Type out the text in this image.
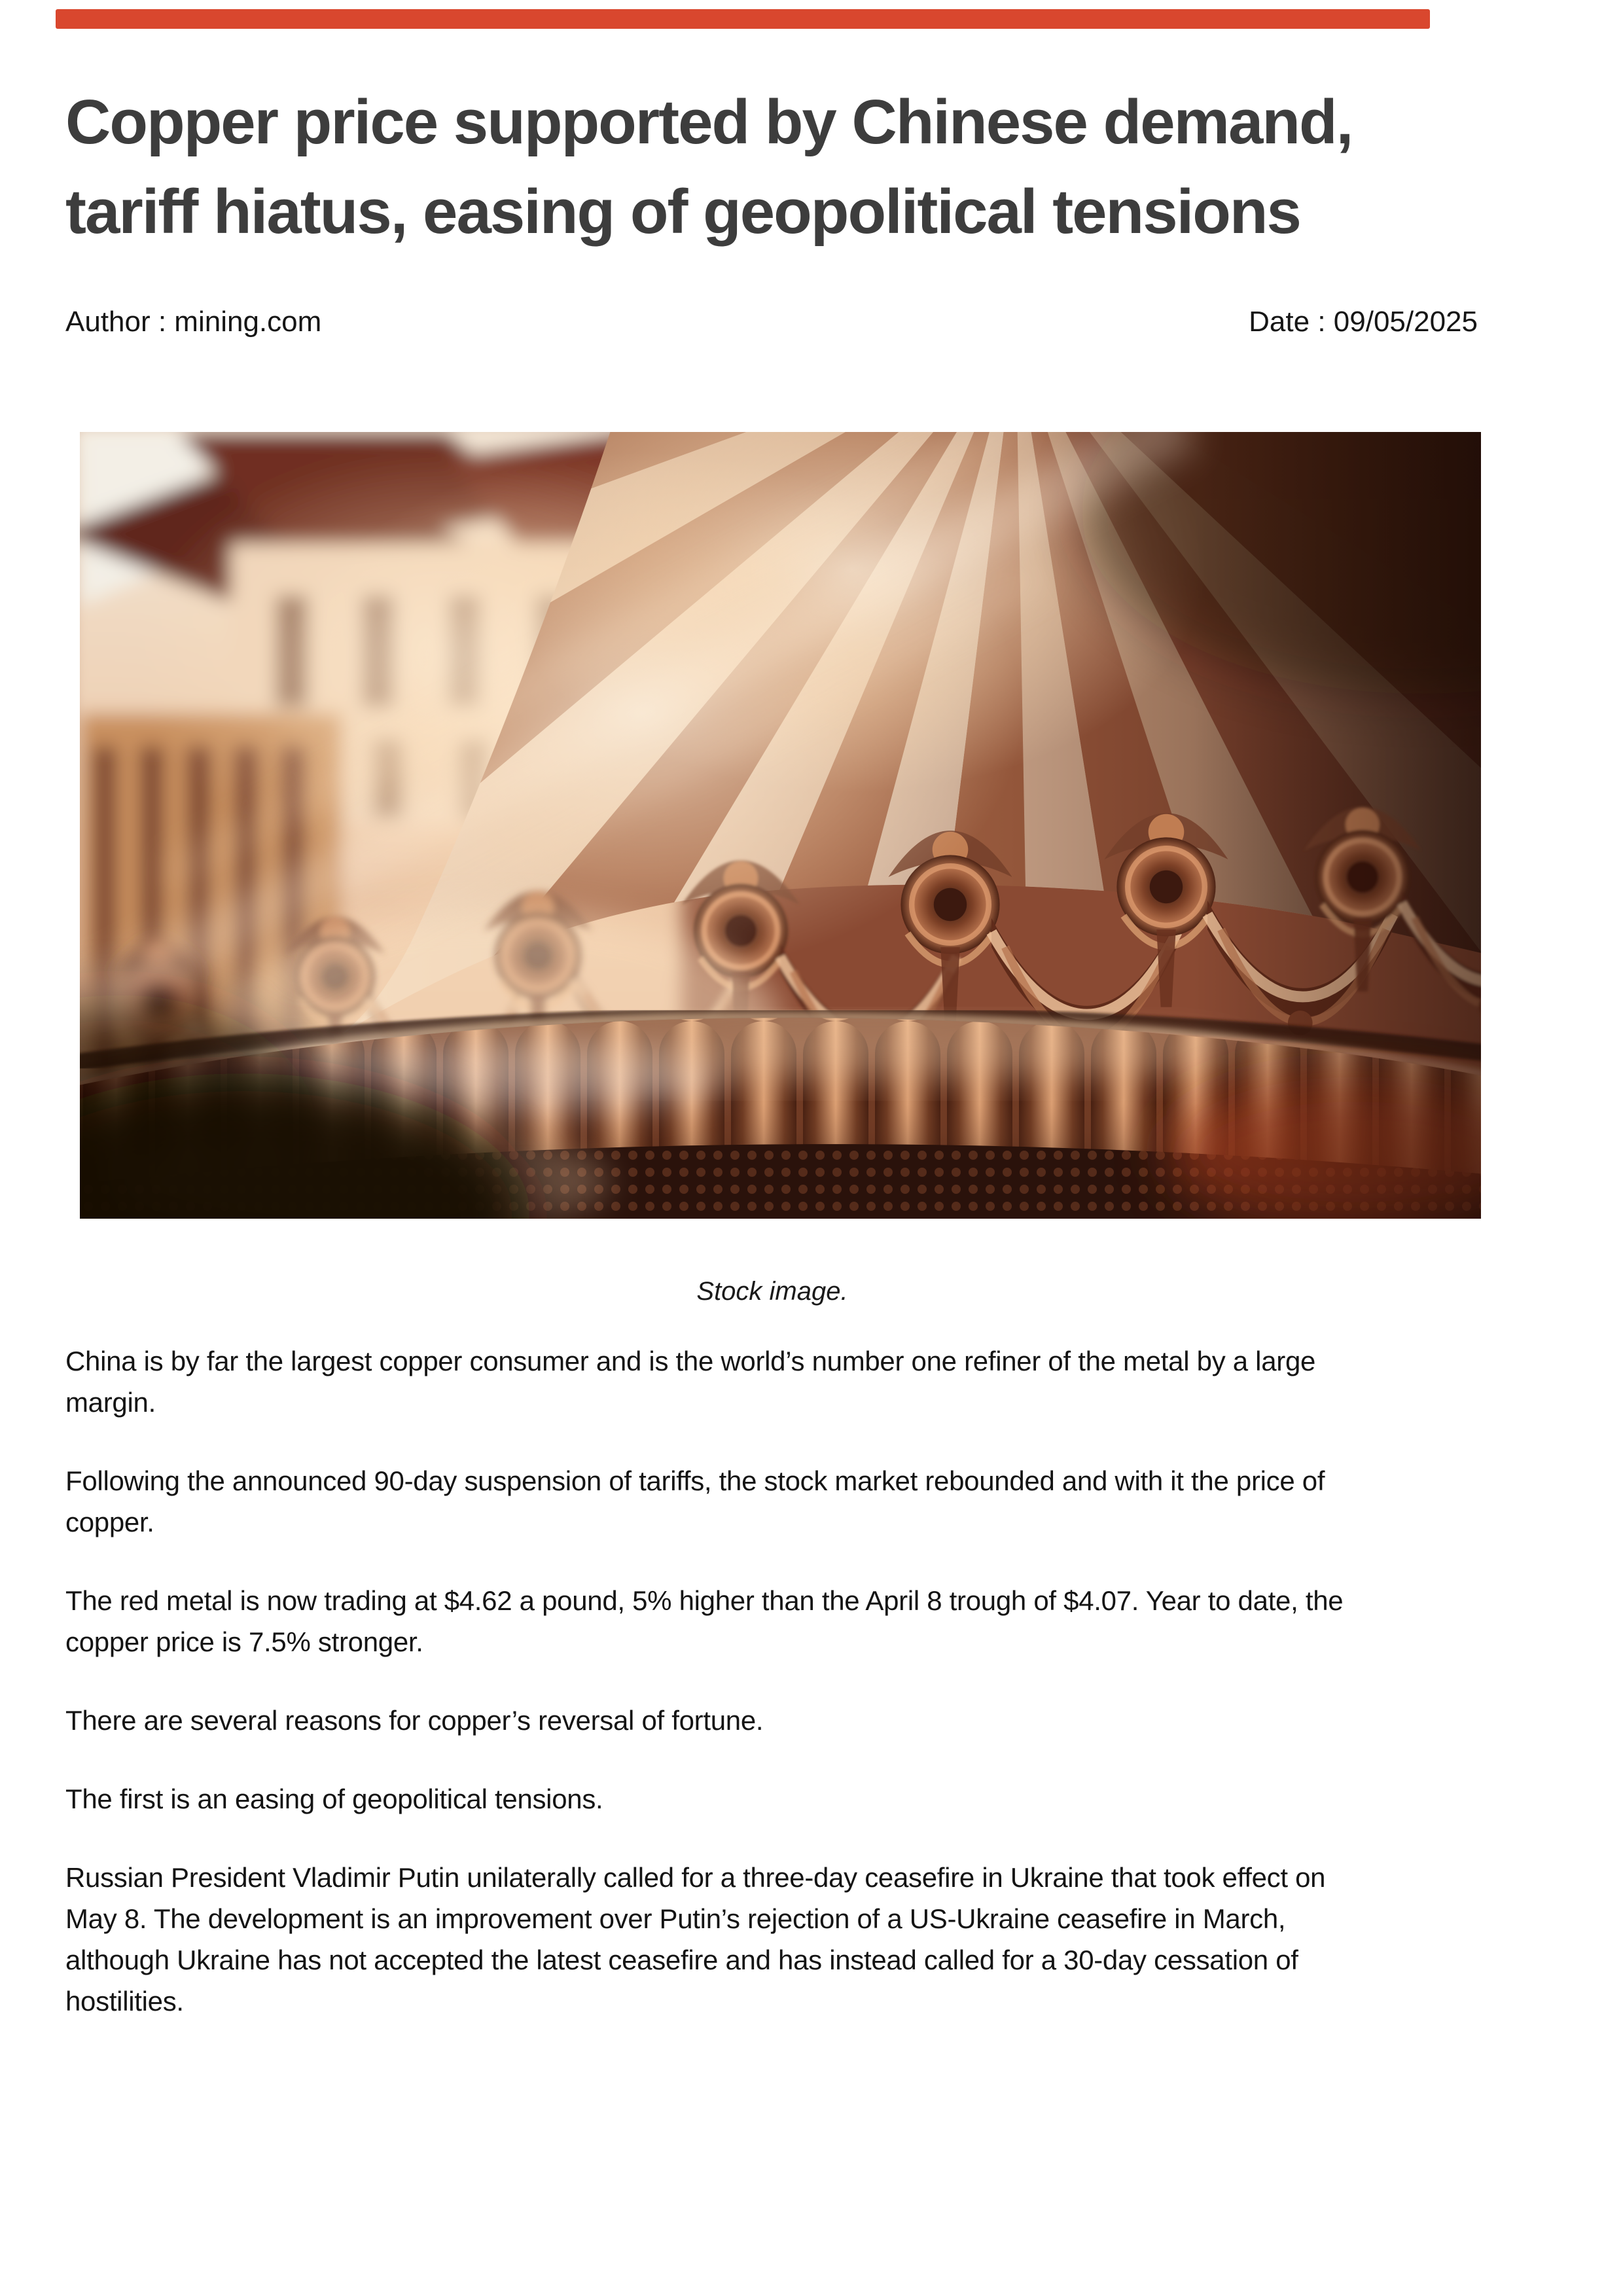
Copper price supported by Chinese demand,
tariff hiatus, easing of geopolitical tensions
Author : mining.com	Date : 09/05/2025
Stock image.

China is by far the largest copper consumer and is the world’s number one refiner of the metal by a large
margin.

Following the announced 90-day suspension of tariffs, the stock market rebounded and with it the price of
copper.

The red metal is now trading at $4.62 a pound, 5% higher than the April 8 trough of $4.07. Year to date, the
copper price is 7.5% stronger.

There are several reasons for copper’s reversal of fortune.

The first is an easing of geopolitical tensions.

Russian President Vladimir Putin unilaterally called for a three-day ceasefire in Ukraine that took effect on
May 8. The development is an improvement over Putin’s rejection of a US-Ukraine ceasefire in March,
although Ukraine has not accepted the latest ceasefire and has instead called for a 30-day cessation of
hostilities.
